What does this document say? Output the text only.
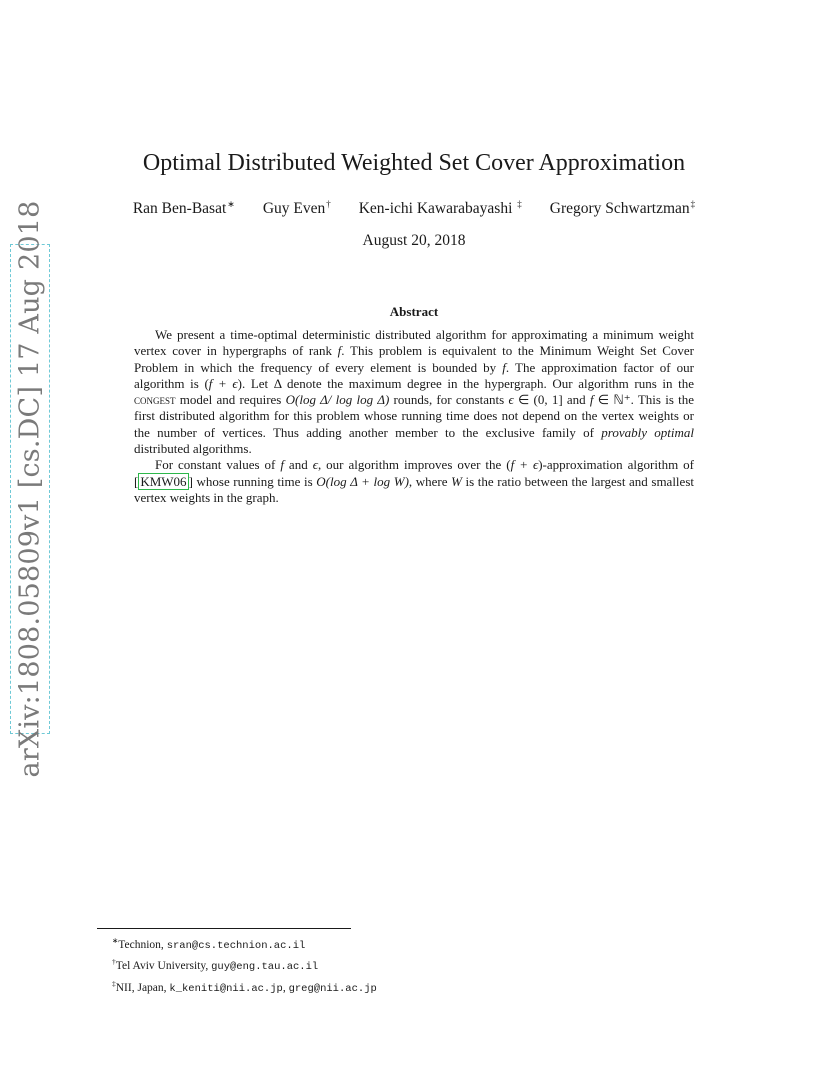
arXiv:1808.05809v1 [cs.DC] 17 Aug 2018
Optimal Distributed Weighted Set Cover Approximation
Ran Ben-Basat∗ Guy Even† Ken-ichi Kawarabayashi ‡ Gregory Schwartzman‡
August 20, 2018
Abstract

We present a time-optimal deterministic distributed algorithm for approximating a minimum weight vertex cover in hypergraphs of rank f. This problem is equivalent to the Minimum Weight Set Cover Problem in which the frequency of every element is bounded by f. The approximation factor of our algorithm is (f + ϵ). Let Δ denote the maximum degree in the hypergraph. Our algorithm runs in the congest model and requires O(log Δ/ log log Δ) rounds, for constants ϵ ∈ (0, 1] and f ∈ ℕ⁺. This is the first distributed algorithm for this problem whose running time does not depend on the vertex weights or the number of vertices. Thus adding another member to the exclusive family of provably optimal distributed algorithms.

For constant values of f and ϵ, our algorithm improves over the (f + ϵ)-approximation algorithm of [ KMW06 ] whose running time is O(log Δ + log W), where W is the ratio between the largest and smallest vertex weights in the graph.

∗Technion, sran@cs.technion.ac.il
†Tel Aviv University, guy@eng.tau.ac.il
‡NII, Japan, k_keniti@nii.ac.jp, greg@nii.ac.jp
